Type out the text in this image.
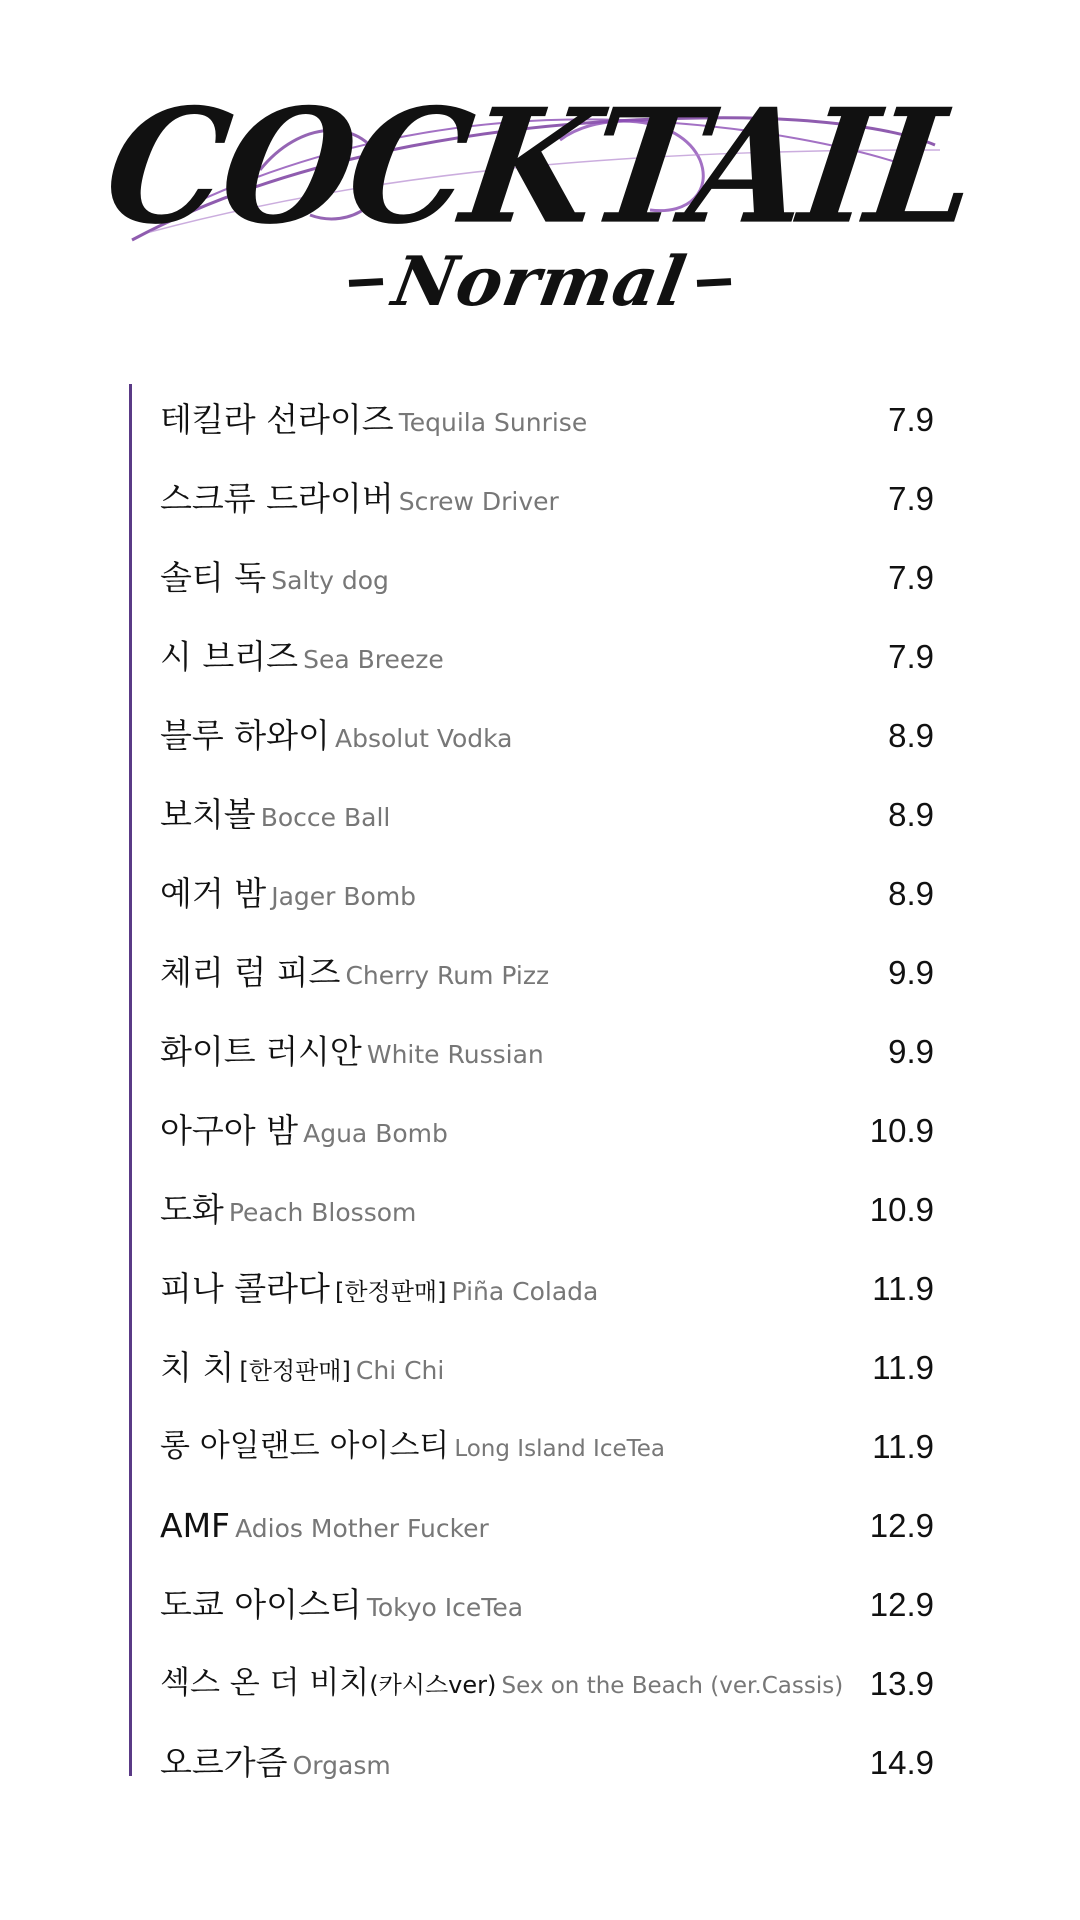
COCKTAIL
Normal
테킬라 선라이즈 Tequila Sunrise	7.9
스크류 드라이버 Screw Driver	7.9
솔티 독 Salty dog	7.9
시 브리즈 Sea Breeze	7.9
블루 하와이 Absolut Vodka	8.9
보치볼 Bocce Ball	8.9
예거 밤 Jager Bomb	8.9
체리 럼 피즈 Cherry Rum Pizz	9.9
화이트 러시안 White Russian	9.9
아구아 밤 Agua Bomb	10.9
도화 Peach Blossom	10.9
피나 콜라다 [한정판매] Piña Colada	11.9
치 치 [한정판매] Chi Chi	11.9
롱 아일랜드 아이스티 Long Island IceTea	11.9
AMF Adios Mother Fucker	12.9
도쿄 아이스티 Tokyo IceTea	12.9
섹스 온 더 비치(카시스ver) Sex on the Beach (ver.Cassis) 13.9
오르가즘 Orgasm	14.9
